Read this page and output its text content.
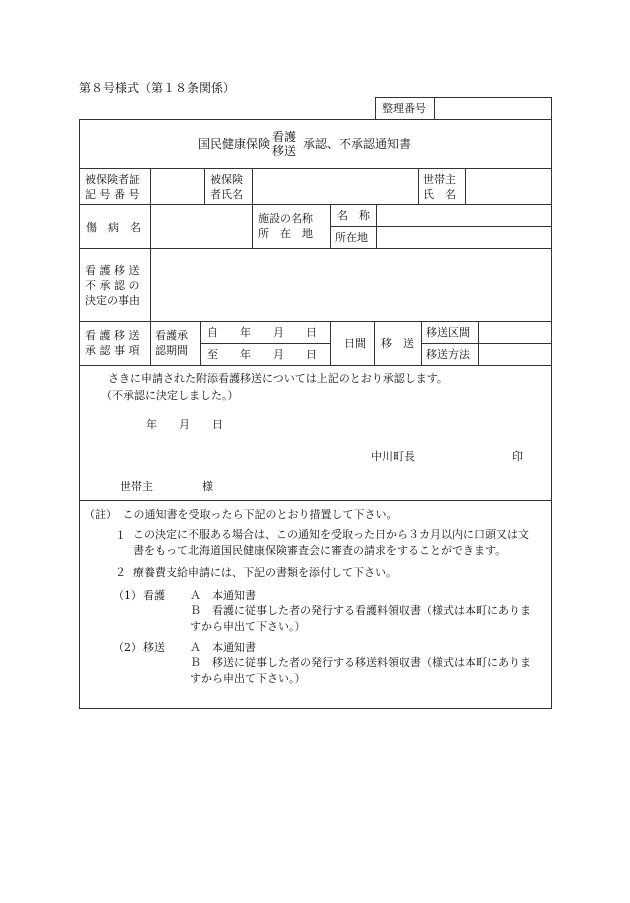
第８号様式（第１８条関係）
整理番号
国民健康保険 看護
移送 承認、不承認通知書
被保険者証
記 号 番 号
被保険
者氏名
世帯主
氏　名
傷　病　名
施設の名称
所　在　地
名　称
所在地
看 護 移 送
不 承 認 の
決定の事由
看 護 移 送
承 認 事 項
看護承
認期間
自　　年　　月　　日
至　　年　　月　　日
日間 移　送
移送区間
移送方法
さきに申請された附添看護移送については上記のとおり承認します。
（不承認に決定しました。）
年　　月　　日
中川町長	印
世帯主	様
（註）　この通知書を受取ったら下記のとおり措置して下さい。
１ この決定に不服ある場合は、この通知を受取った日から３カ月以内に口頭又は文
書をもって北海道国民健康保険審査会に審査の請求をすることができます。
２ 療養費支給申請には、下記の書類を添付して下さい。
（1） 看護 Ａ　本通知書
Ｂ　看護に従事した者の発行する看護料領収書（様式は本町にありま
すから申出て下さい。）
（2） 移送 Ａ　本通知書
Ｂ　移送に従事した者の発行する移送料領収書（様式は本町にありま
すから申出て下さい。）
